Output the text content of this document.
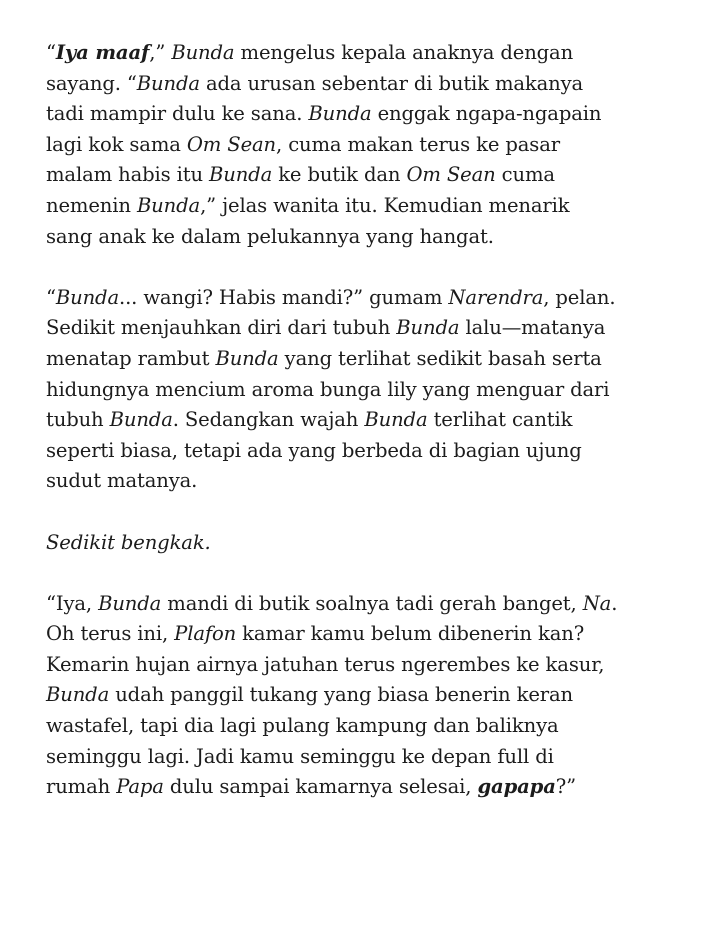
“Iya maaf,” Bunda mengelus kepala anaknya dengan
sayang. “Bunda ada urusan sebentar di butik makanya
tadi mampir dulu ke sana. Bunda enggak ngapa-ngapain
lagi kok sama Om Sean, cuma makan terus ke pasar
malam habis itu Bunda ke butik dan Om Sean cuma
nemenin Bunda,” jelas wanita itu. Kemudian menarik
sang anak ke dalam pelukannya yang hangat.

“Bunda... wangi? Habis mandi?” gumam Narendra, pelan.
Sedikit menjauhkan diri dari tubuh Bunda lalu—matanya
menatap rambut Bunda yang terlihat sedikit basah serta
hidungnya mencium aroma bunga lily yang menguar dari
tubuh Bunda. Sedangkan wajah Bunda terlihat cantik
seperti biasa, tetapi ada yang berbeda di bagian ujung
sudut matanya.

Sedikit bengkak.

“Iya, Bunda mandi di butik soalnya tadi gerah banget, Na.
Oh terus ini, Plafon kamar kamu belum dibenerin kan?
Kemarin hujan airnya jatuhan terus ngerembes ke kasur,
Bunda udah panggil tukang yang biasa benerin keran
wastafel, tapi dia lagi pulang kampung dan baliknya
seminggu lagi. Jadi kamu seminggu ke depan full di
rumah Papa dulu sampai kamarnya selesai, gapapa?”
